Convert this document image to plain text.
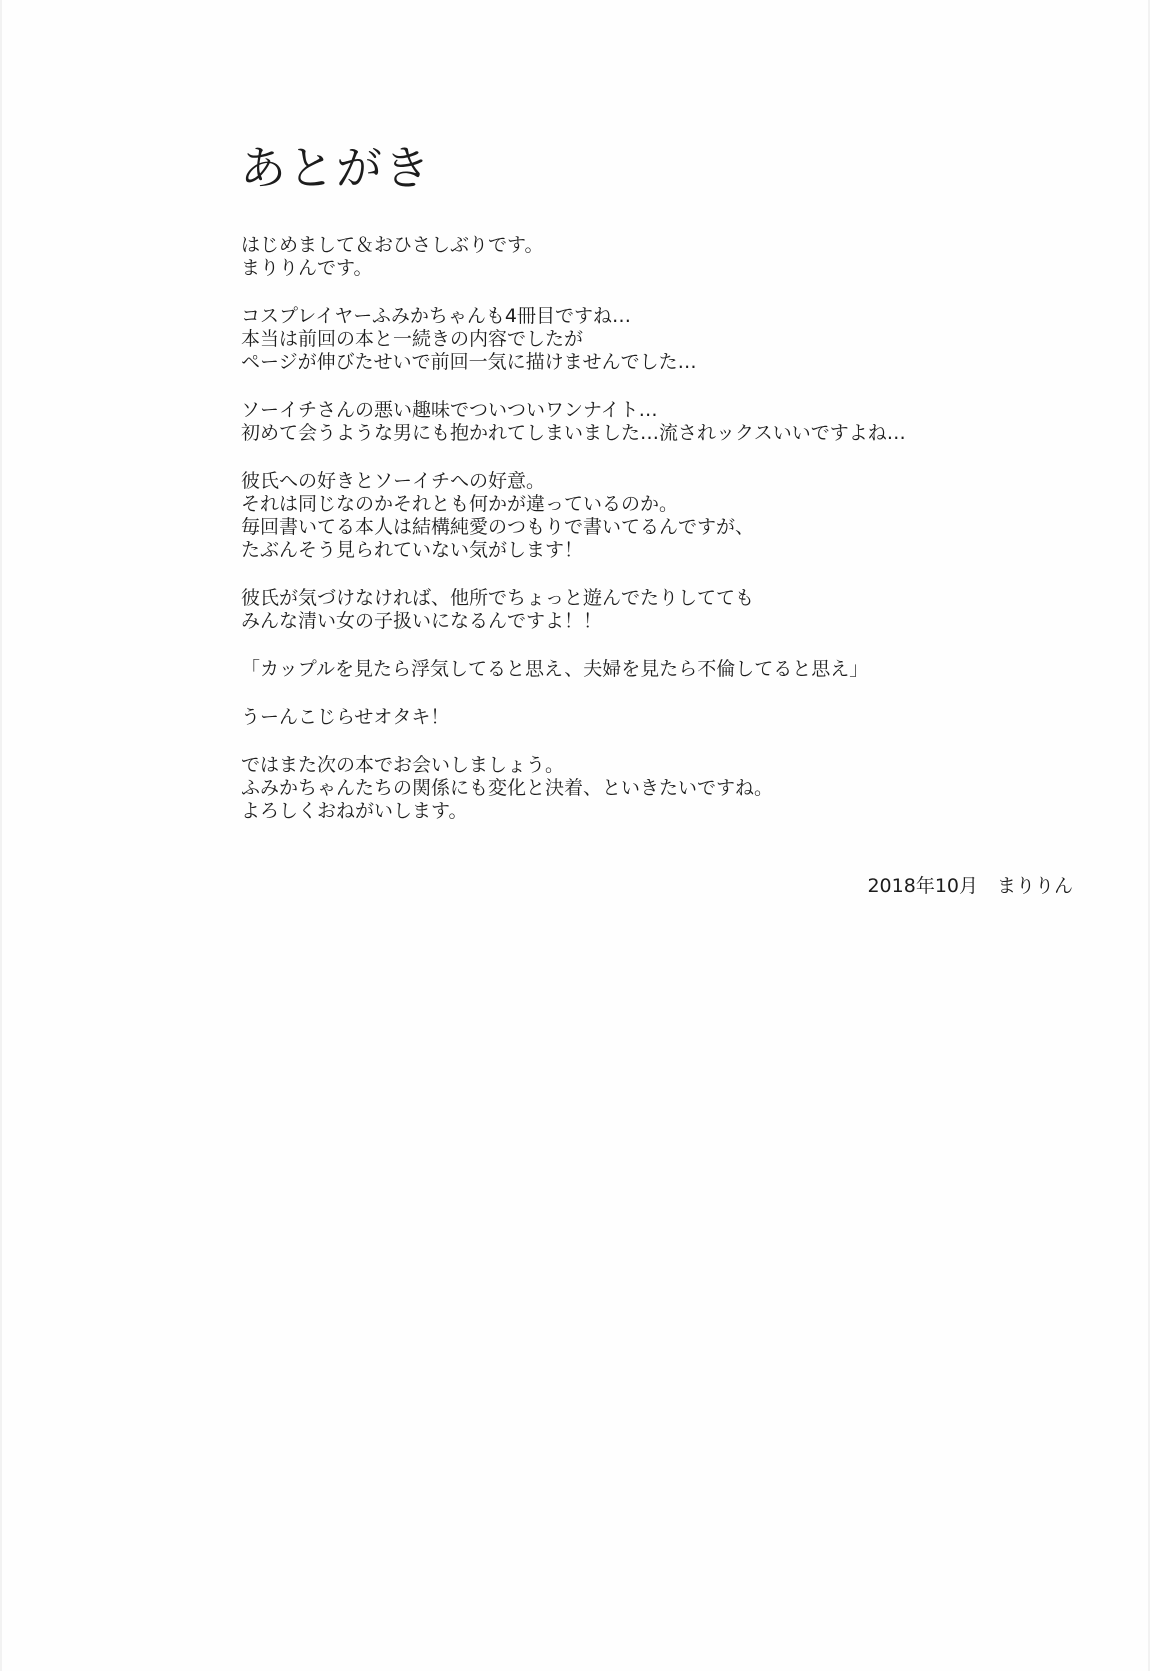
あとがき
はじめまして＆おひさしぶりです。
まりりんです。
コスプレイヤーふみかちゃんも4冊目ですね…
本当は前回の本と一続きの内容でしたが
ページが伸びたせいで前回一気に描けませんでした…
ソーイチさんの悪い趣味でついついワンナイト…
初めて会うような男にも抱かれてしまいました…流されックスいいですよね…
彼氏への好きとソーイチへの好意。
それは同じなのかそれとも何かが違っているのか。
毎回書いてる本人は結構純愛のつもりで書いてるんですが、
たぶんそう見られていない気がします！
彼氏が気づけなければ、他所でちょっと遊んでたりしてても
みんな清い女の子扱いになるんですよ！！
「カップルを見たら浮気してると思え、夫婦を見たら不倫してると思え」
うーんこじらせオタキ！
ではまた次の本でお会いしましょう。
ふみかちゃんたちの関係にも変化と決着、といきたいですね。
よろしくおねがいします。
2018年10月　まりりん
